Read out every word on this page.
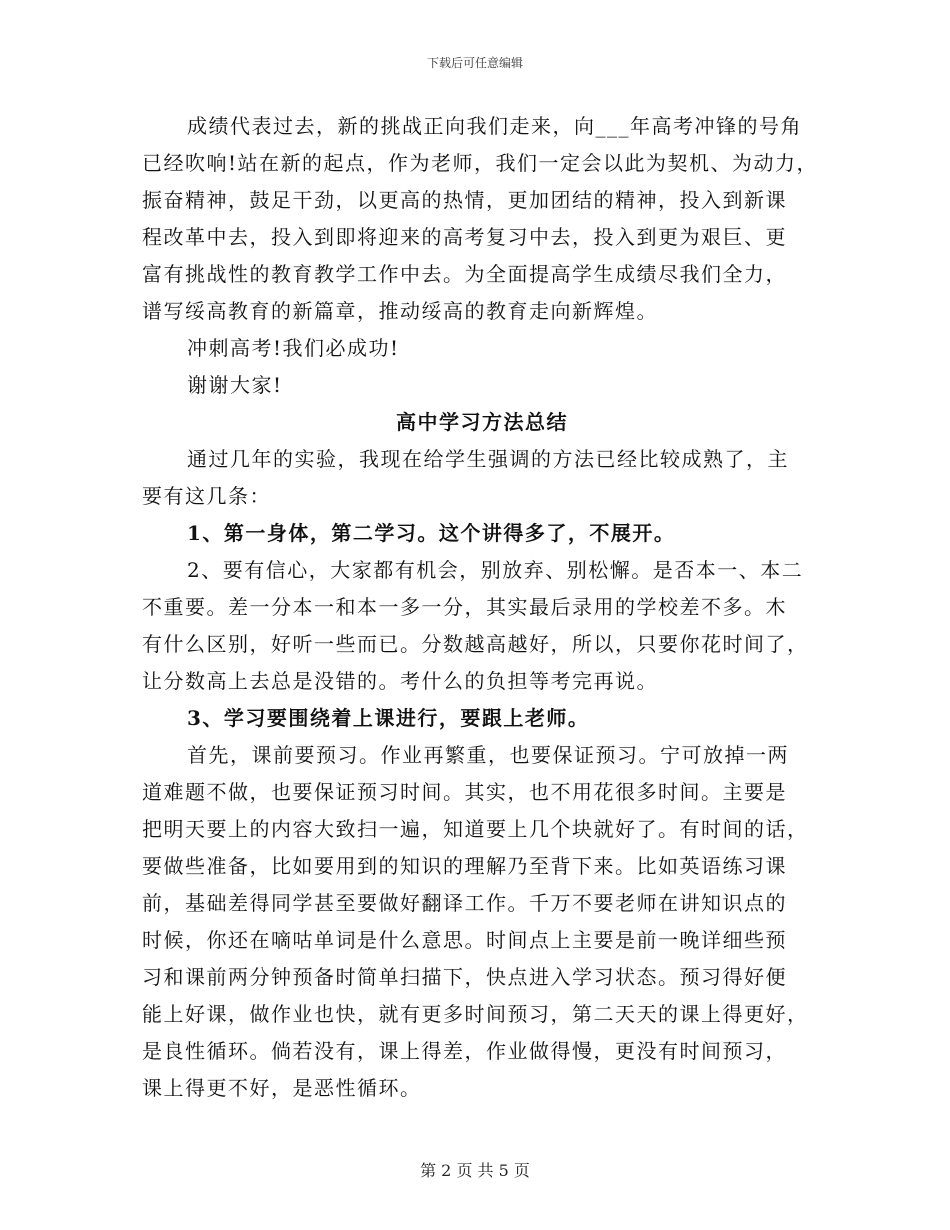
下载后可任意编辑
成绩代表过去，新的挑战正向我们走来，向___年高考冲锋的号角
已经吹响!站在新的起点，作为老师，我们一定会以此为契机、为动力，
振奋精神，鼓足干劲，以更高的热情，更加团结的精神，投入到新课
程改革中去，投入到即将迎来的高考复习中去，投入到更为艰巨、更
富有挑战性的教育教学工作中去。为全面提高学生成绩尽我们全力，
谱写绥高教育的新篇章，推动绥高的教育走向新辉煌。
冲刺高考!我们必成功!
谢谢大家!
高中学习方法总结
通过几年的实验，我现在给学生强调的方法已经比较成熟了，主
要有这几条：
1、第一身体，第二学习。这个讲得多了，不展开。
2、要有信心，大家都有机会，别放弃、别松懈。是否本一、本二
不重要。差一分本一和本一多一分，其实最后录用的学校差不多。木
有什么区别，好听一些而已。分数越高越好，所以，只要你花时间了，
让分数高上去总是没错的。考什么的负担等考完再说。
3、学习要围绕着上课进行，要跟上老师。
首先，课前要预习。作业再繁重，也要保证预习。宁可放掉一两
道难题不做，也要保证预习时间。其实，也不用花很多时间。主要是
把明天要上的内容大致扫一遍，知道要上几个块就好了。有时间的话，
要做些准备，比如要用到的知识的理解乃至背下来。比如英语练习课
前，基础差得同学甚至要做好翻译工作。千万不要老师在讲知识点的
时候，你还在嘀咕单词是什么意思。时间点上主要是前一晚详细些预
习和课前两分钟预备时简单扫描下，快点进入学习状态。预习得好便
能上好课，做作业也快，就有更多时间预习，第二天天的课上得更好，
是良性循环。倘若没有，课上得差，作业做得慢，更没有时间预习，
课上得更不好，是恶性循环。
第 2 页 共 5 页
